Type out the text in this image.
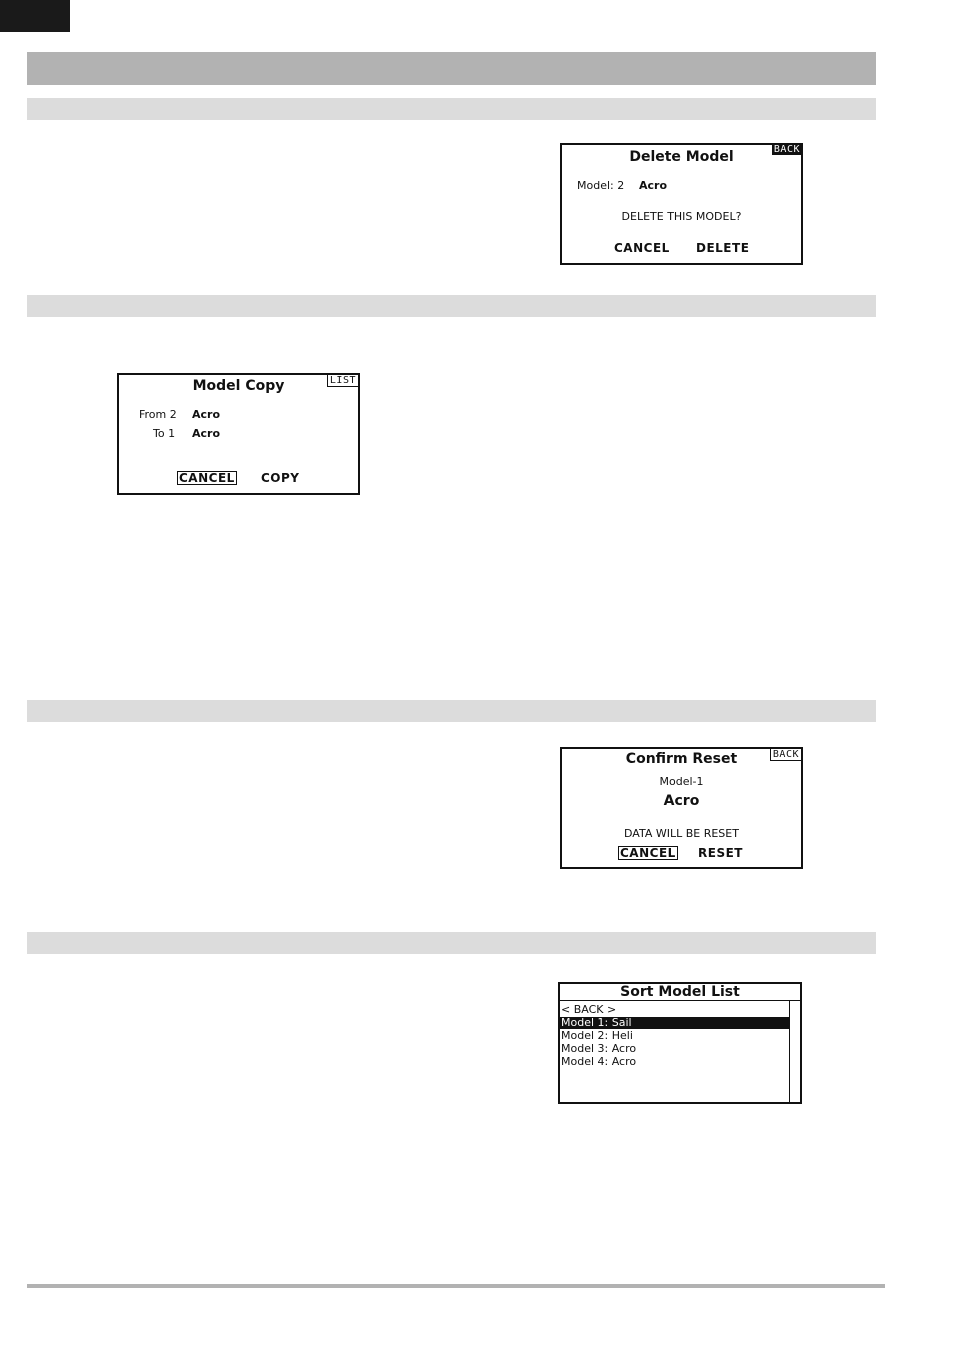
BACK
Delete Model
Model: 2 Acro
DELETE THIS MODEL?
CANCEL DELETE
LIST
Model Copy
From 2 Acro
To 1 Acro
CANCEL COPY
BACK
Confirm Reset
Model-1
Acro
DATA WILL BE RESET
CANCEL RESET
Sort Model List
< BACK >
Model 1: Sail
Model 2: Heli
Model 3: Acro
Model 4: Acro
